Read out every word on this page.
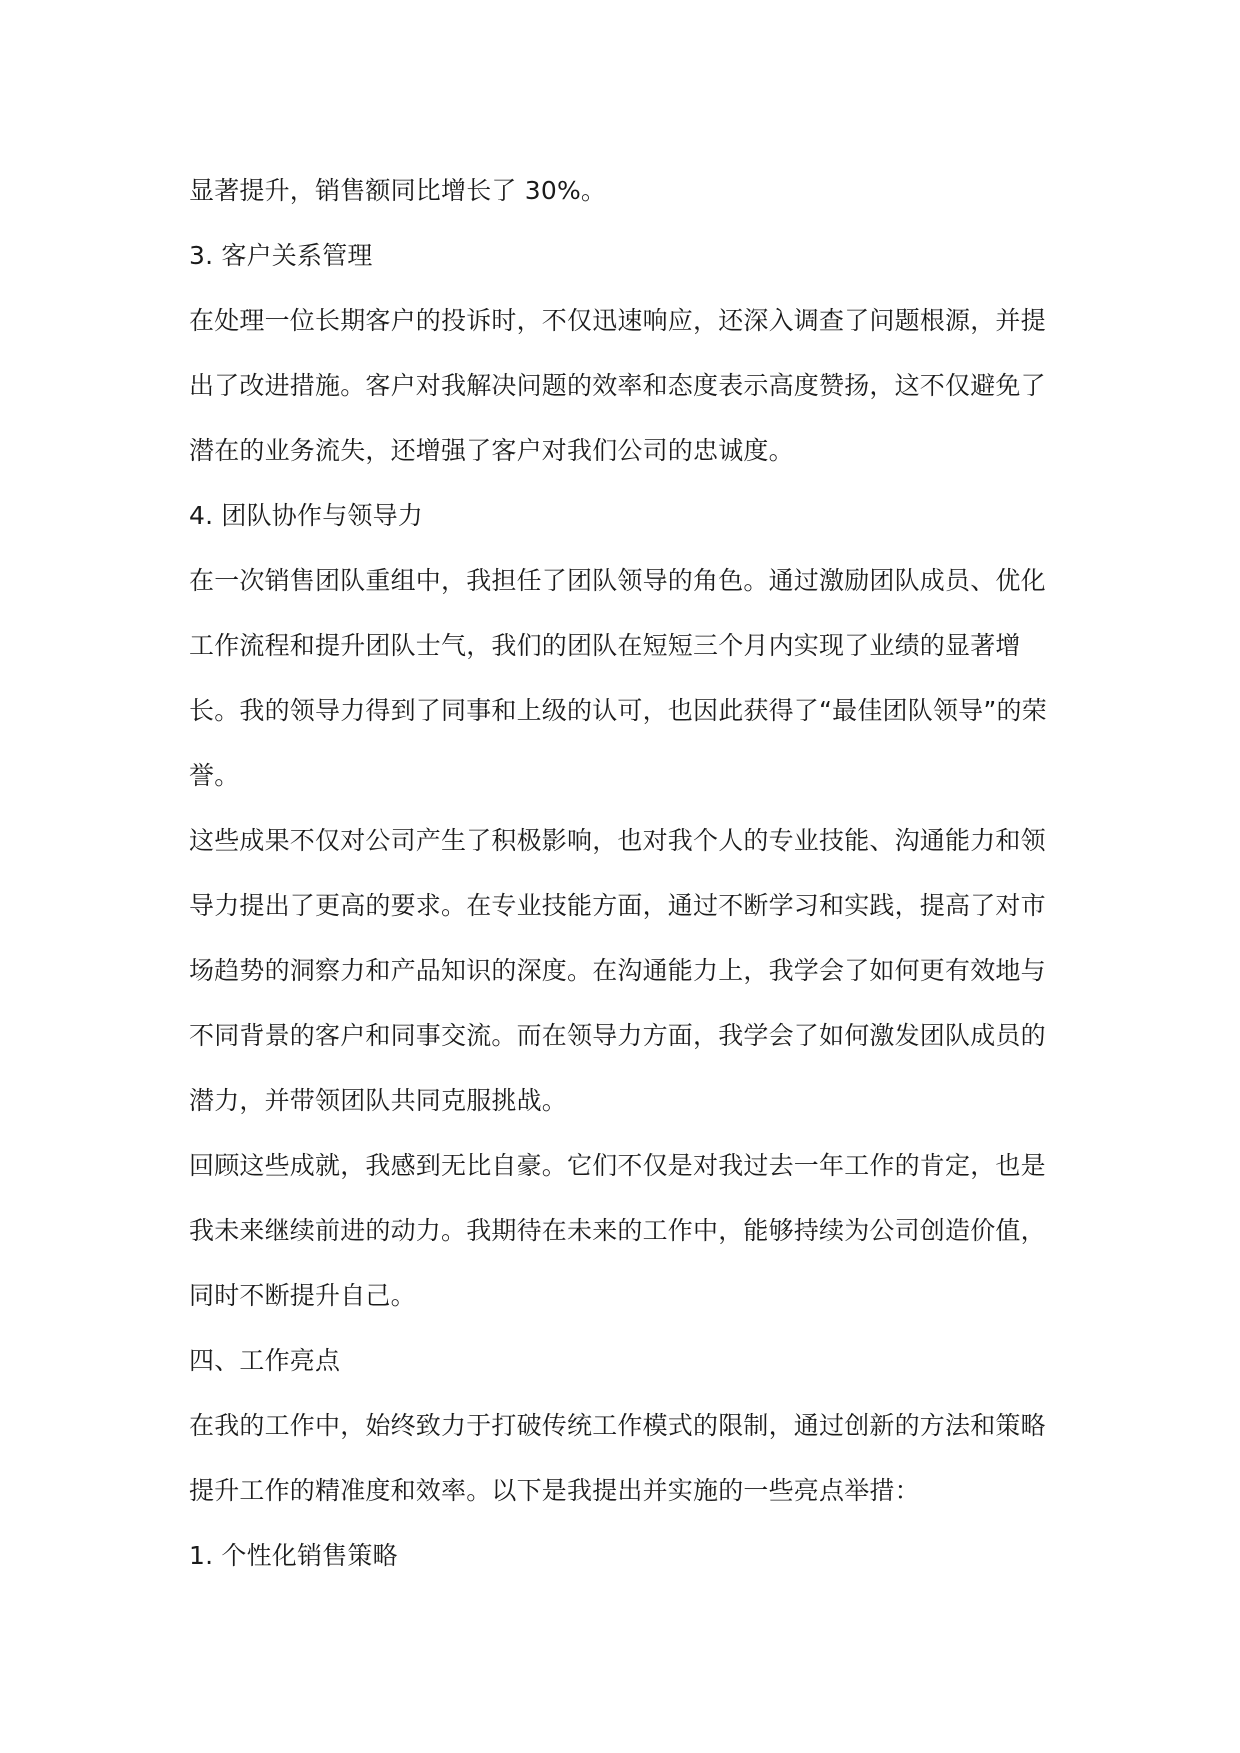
显著提升，销售额同比增长了 30%。
3. 客户关系管理
在处理一位长期客户的投诉时，不仅迅速响应，还深入调查了问题根源，并提
出了改进措施。客户对我解决问题的效率和态度表示高度赞扬，这不仅避免了
潜在的业务流失，还增强了客户对我们公司的忠诚度。
4. 团队协作与领导力
在一次销售团队重组中，我担任了团队领导的角色。通过激励团队成员、优化
工作流程和提升团队士气，我们的团队在短短三个月内实现了业绩的显著增
长。我的领导力得到了同事和上级的认可，也因此获得了“最佳团队领导”的荣
誉。
这些成果不仅对公司产生了积极影响，也对我个人的专业技能、沟通能力和领
导力提出了更高的要求。在专业技能方面，通过不断学习和实践，提高了对市
场趋势的洞察力和产品知识的深度。在沟通能力上，我学会了如何更有效地与
不同背景的客户和同事交流。而在领导力方面，我学会了如何激发团队成员的
潜力，并带领团队共同克服挑战。
回顾这些成就，我感到无比自豪。它们不仅是对我过去一年工作的肯定，也是
我未来继续前进的动力。我期待在未来的工作中，能够持续为公司创造价值，
同时不断提升自己。
四、工作亮点
在我的工作中，始终致力于打破传统工作模式的限制，通过创新的方法和策略
提升工作的精准度和效率。以下是我提出并实施的一些亮点举措：
1. 个性化销售策略
